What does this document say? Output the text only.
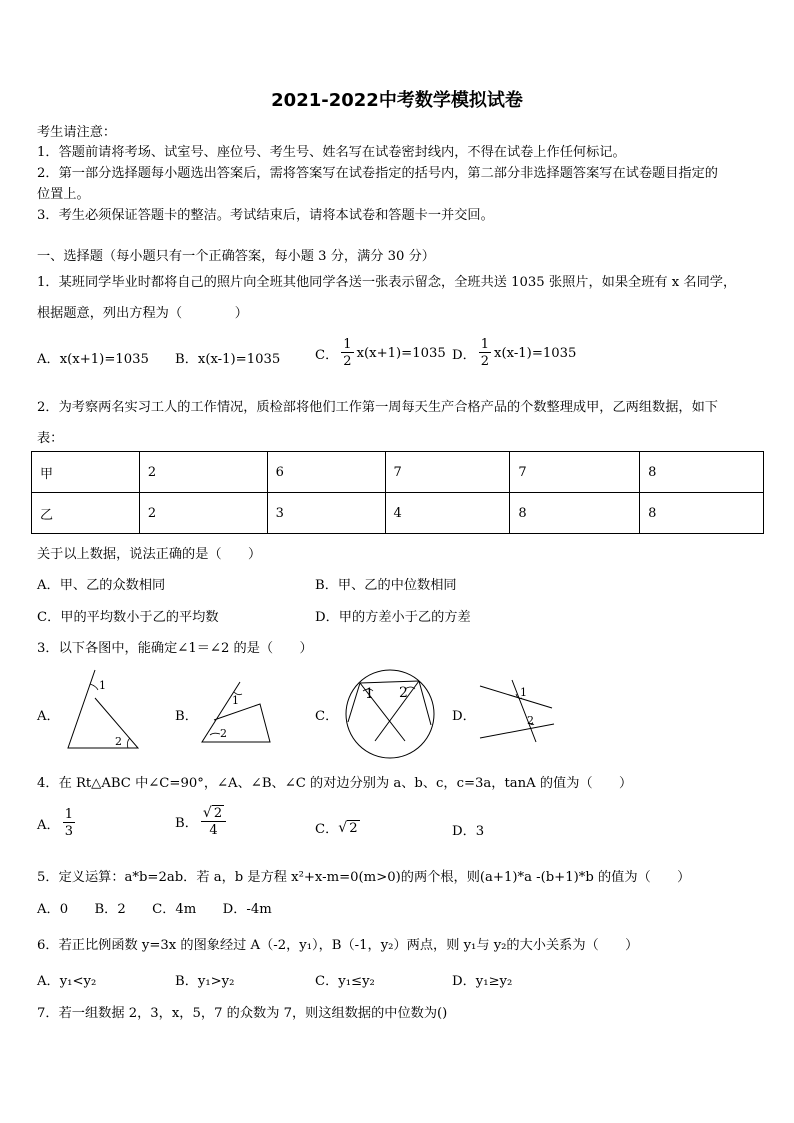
2021-2022中考数学模拟试卷
考生请注意：
1．答题前请将考场、试室号、座位号、考生号、姓名写在试卷密封线内，不得在试卷上作任何标记。
2．第一部分选择题每小题选出答案后，需将答案写在试卷指定的括号内，第二部分非选择题答案写在试卷题目指定的
位置上。
3．考生必须保证答题卡的整洁。考试结束后，请将本试卷和答题卡一并交回。
一、选择题（每小题只有一个正确答案，每小题 3 分，满分 30 分）
1．某班同学毕业时都将自己的照片向全班其他同学各送一张表示留念，全班共送 1035 张照片，如果全班有 x 名同学，
根据题意，列出方程为（　　　　）
A．x(x+1)=1035 B．x(x-1)=1035	C． $\frac{1}{2} x(x+1)=1035$ D． $\frac{1}{2} x(x-1)=1035$
2．为考察两名实习工人的工作情况，质检部将他们工作第一周每天生产合格产品的个数整理成甲，乙两组数据，如下
表：
甲	2	6	7	7	8
乙	2	3	4	8	8
关于以上数据，说法正确的是（　　）
A．甲、乙的众数相同	B．甲、乙的中位数相同
C．甲的平均数小于乙的平均数	D．甲的方差小于乙的方差
3．以下各图中，能确定∠1＝∠2 的是（　　）
A．	B．	C．	D．
1
2
1
2
1 2	1
2
4．在 Rt△ABC 中∠C=90°，∠A、∠B、∠C 的对边分别为 a、b、c，c=3a，tanA 的值为（　　）
A． $\frac{1}{3}$	B． $\frac{√ 2}{4}$	C． √ 2	D．3
5．定义运算：a*b=2ab．若 a，b 是方程 x²+x-m=0(m>0)的两个根，则(a+1)*a -(b+1)*b 的值为（　　）
A．0　　B．2　　C．4m　　D．-4m
6．若正比例函数 y=3x 的图象经过 A（-2，y₁），B（-1，y₂）两点，则 y₁与 y₂的大小关系为（　　）
A．y₁<y₂	B．y₁>y₂	C．y₁≤y₂	D．y₁≥y₂
7．若一组数据 2，3，x，5，7 的众数为 7，则这组数据的中位数为()
